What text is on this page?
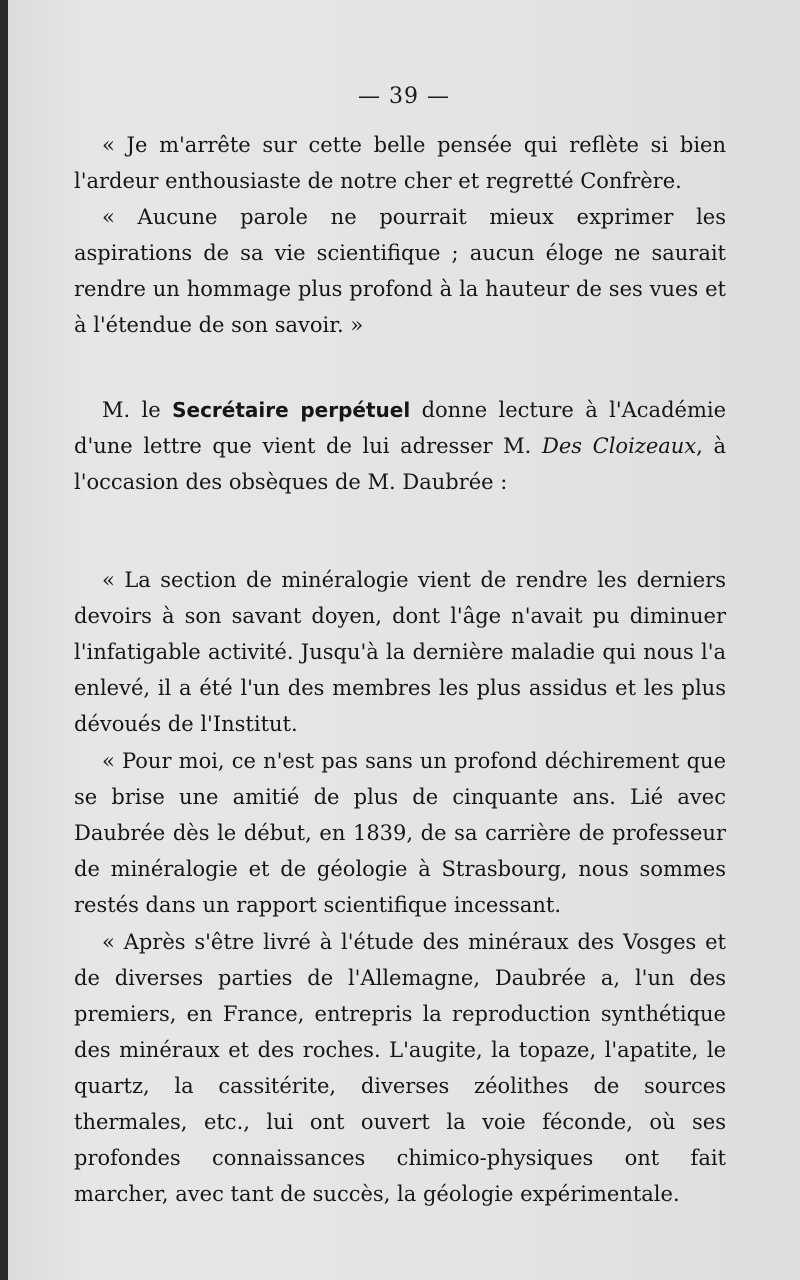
— 39 —

« Je m'arrête sur cette belle pensée qui reflète si bien l'ardeur enthousiaste de notre cher et regretté Confrère.

« Aucune parole ne pourrait mieux exprimer les aspirations de sa vie scientifique ; aucun éloge ne saurait rendre un hommage plus profond à la hauteur de ses vues et à l'étendue de son savoir. »

M. le Secrétaire perpétuel donne lecture à l'Académie d'une lettre que vient de lui adresser M. Des Cloizeaux, à l'occasion des obsèques de M. Daubrée :

« La section de minéralogie vient de rendre les derniers devoirs à son savant doyen, dont l'âge n'avait pu diminuer l'infatigable activité. Jusqu'à la dernière maladie qui nous l'a enlevé, il a été l'un des membres les plus assidus et les plus dévoués de l'Institut.

« Pour moi, ce n'est pas sans un profond déchirement que se brise une amitié de plus de cinquante ans. Lié avec Daubrée dès le début, en 1839, de sa carrière de professeur de minéralogie et de géologie à Strasbourg, nous sommes restés dans un rapport scientifique incessant.

« Après s'être livré à l'étude des minéraux des Vosges et de diverses parties de l'Allemagne, Daubrée a, l'un des premiers, en France, entrepris la reproduction synthétique des minéraux et des roches. L'augite, la topaze, l'apatite, le quartz, la cassitérite, diverses zéolithes de sources thermales, etc., lui ont ouvert la voie féconde, où ses profondes connaissances chimico-physiques ont fait marcher, avec tant de succès, la géologie expérimentale.
